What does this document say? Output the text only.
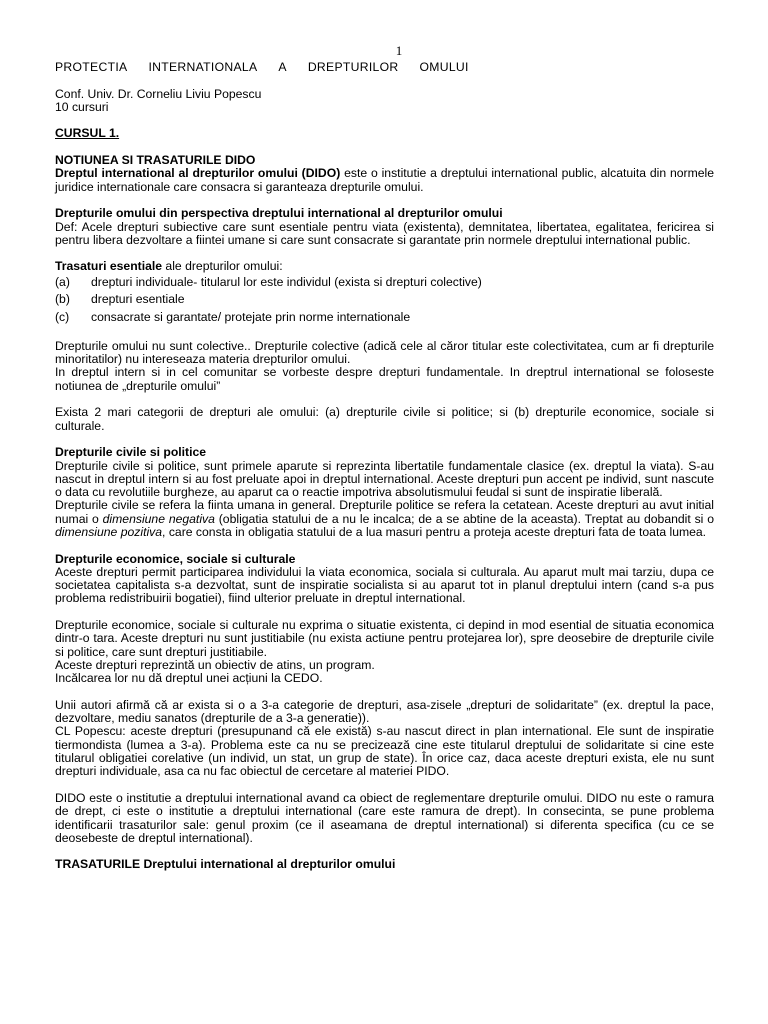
1
PROTECTIA INTERNATIONALA A DREPTURILOR OMULUI

Conf. Univ. Dr. Corneliu Liviu Popescu

10 cursuri

CURSUL 1.

NOTIUNEA SI TRASATURILE DIDO

Dreptul international al drepturilor omului (DIDO) este o institutie a dreptului international public, alcatuita din normele juridice internationale care consacra si garanteaza drepturile omului.

Drepturile omului din perspectiva dreptului international al drepturilor omului

Def: Acele drepturi subiective care sunt esentiale pentru viata (existenta), demnitatea, libertatea, egalitatea, fericirea si pentru libera dezvoltare a fiintei umane si care sunt consacrate si garantate prin normele dreptului international public.

Trasaturi esentiale ale drepturilor omului:

(a)	drepturi individuale- titularul lor este individul (exista si drepturi colective)
(b)	drepturi esentiale
(c)	consacrate si garantate/ protejate prin norme internationale

Drepturile omului nu sunt colective.. Drepturile colective (adică cele al căror titular este colectivitatea, cum ar fi drepturile minoritatilor) nu intereseaza materia drepturilor omului.

In dreptul intern si in cel comunitar se vorbeste despre drepturi fundamentale. In dreptrul international se foloseste notiunea de „drepturile omului”

Exista 2 mari categorii de drepturi ale omului: (a) drepturile civile si politice; si (b) drepturile economice, sociale si culturale.

Drepturile civile si politice

Drepturile civile si politice, sunt primele aparute si reprezinta libertatile fundamentale clasice (ex. dreptul la viata). S-au nascut in dreptul intern si au fost preluate apoi in dreptul international. Aceste drepturi pun accent pe individ, sunt nascute o data cu revolutiile burgheze, au aparut ca o reactie impotriva absolutismului feudal si sunt de inspiratie liberală.

Drepturile civile se refera la fiinta umana in general. Drepturile politice se refera la cetatean. Aceste drepturi au avut initial numai o dimensiune negativa (obligatia statului de a nu le incalca; de a se abtine de la aceasta). Treptat au dobandit si o dimensiune pozitiva, care consta in obligatia statului de a lua masuri pentru a proteja aceste drepturi fata de toata lumea.

Drepturile economice, sociale si culturale

Aceste drepturi permit participarea individului la viata economica, sociala si culturala. Au aparut mult mai tarziu, dupa ce societatea capitalista s-a dezvoltat, sunt de inspiratie socialista si au aparut tot in planul dreptului intern (cand s-a pus problema redistribuirii bogatiei), fiind ulterior preluate in dreptul international.

Drepturile economice, sociale si culturale nu exprima o situatie existenta, ci depind in mod esential de situatia economica dintr-o tara. Aceste drepturi nu sunt justitiabile (nu exista actiune pentru protejarea lor), spre deosebire de drepturile civile si politice, care sunt drepturi justitiabile.

Aceste drepturi reprezintă un obiectiv de atins, un program.

Incălcarea lor nu dă dreptul unei acțiuni la CEDO.

Unii autori afirmă că ar exista si o a 3-a categorie de drepturi, asa-zisele „drepturi de solidaritate” (ex. dreptul la pace, dezvoltare, mediu sanatos (drepturile de a 3-a generatie)).

CL Popescu: aceste drepturi (presupunand că ele există) s-au nascut direct in plan international. Ele sunt de inspiratie tiermondista (lumea a 3-a). Problema este ca nu se precizează cine este titularul dreptului de solidaritate si cine este titularul obligatiei corelative (un individ, un stat, un grup de state). În orice caz, daca aceste drepturi exista, ele nu sunt drepturi individuale, asa ca nu fac obiectul de cercetare al materiei PIDO.

DIDO este o institutie a dreptului international avand ca obiect de reglementare drepturile omului. DIDO nu este o ramura de drept, ci este o institutie a dreptului international (care este ramura de drept). In consecinta, se pune problema identificarii trasaturilor sale: genul proxim (ce il aseamana de dreptul international) si diferenta specifica (cu ce se deosebeste de dreptul international).

TRASATURILE Dreptului international al drepturilor omului
